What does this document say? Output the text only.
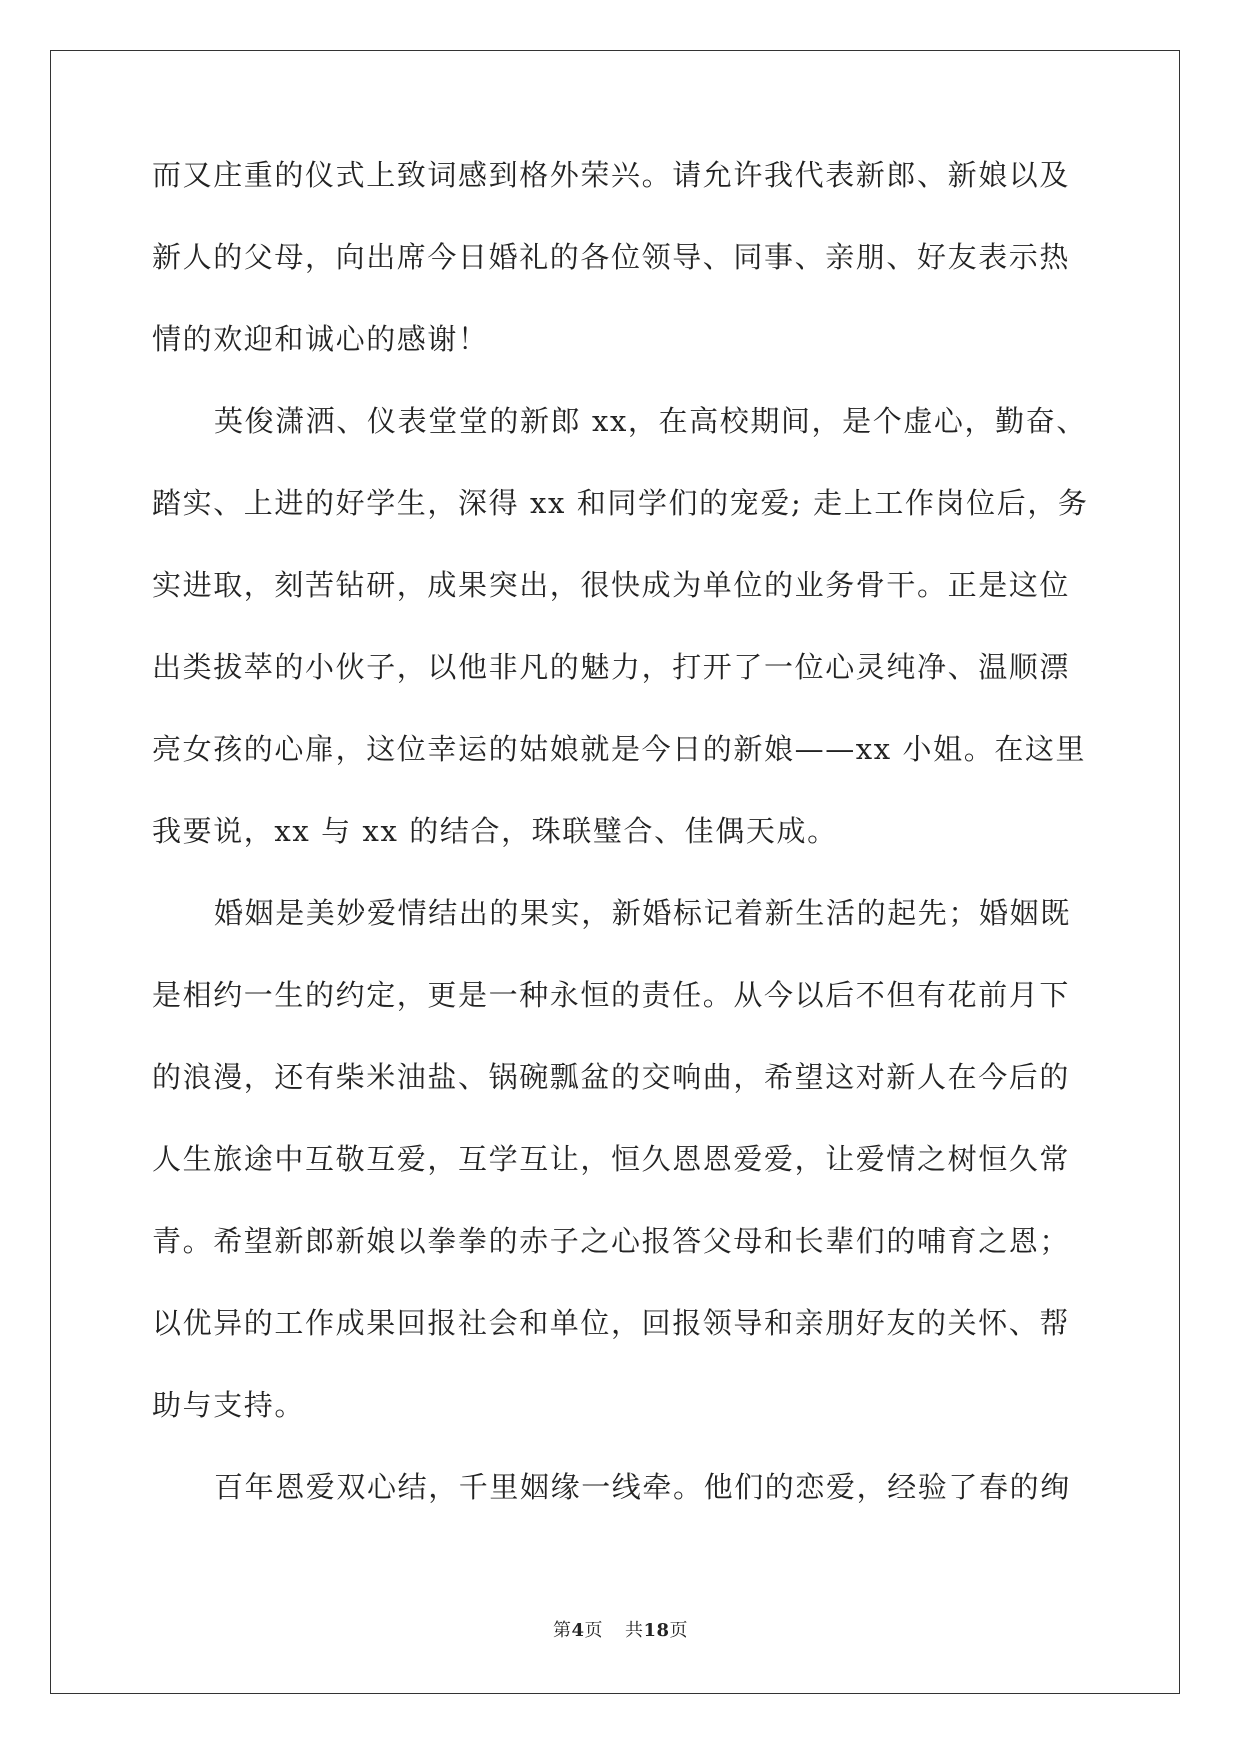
而又庄重的仪式上致词感到格外荣兴。请允许我代表新郎、新娘以及
新人的父母，向出席今日婚礼的各位领导、同事、亲朋、好友表示热
情的欢迎和诚心的感谢！
英俊潇洒、仪表堂堂的新郎 xx，在高校期间，是个虚心，勤奋、
踏实、上进的好学生，深得 xx 和同学们的宠爱; 走上工作岗位后，务
实进取，刻苦钻研，成果突出，很快成为单位的业务骨干。正是这位
出类拔萃的小伙子，以他非凡的魅力，打开了一位心灵纯净、温顺漂
亮女孩的心扉，这位幸运的姑娘就是今日的新娘——xx 小姐。在这里
我要说，xx 与 xx 的结合，珠联璧合、佳偶天成。
婚姻是美妙爱情结出的果实，新婚标记着新生活的起先；婚姻既
是相约一生的约定，更是一种永恒的责任。从今以后不但有花前月下
的浪漫，还有柴米油盐、锅碗瓢盆的交响曲，希望这对新人在今后的
人生旅途中互敬互爱，互学互让，恒久恩恩爱爱，让爱情之树恒久常
青。希望新郎新娘以拳拳的赤子之心报答父母和长辈们的哺育之恩；
以优异的工作成果回报社会和单位，回报领导和亲朋好友的关怀、帮
助与支持。
百年恩爱双心结，千里姻缘一线牵。他们的恋爱，经验了春的绚
第4页 共18页
